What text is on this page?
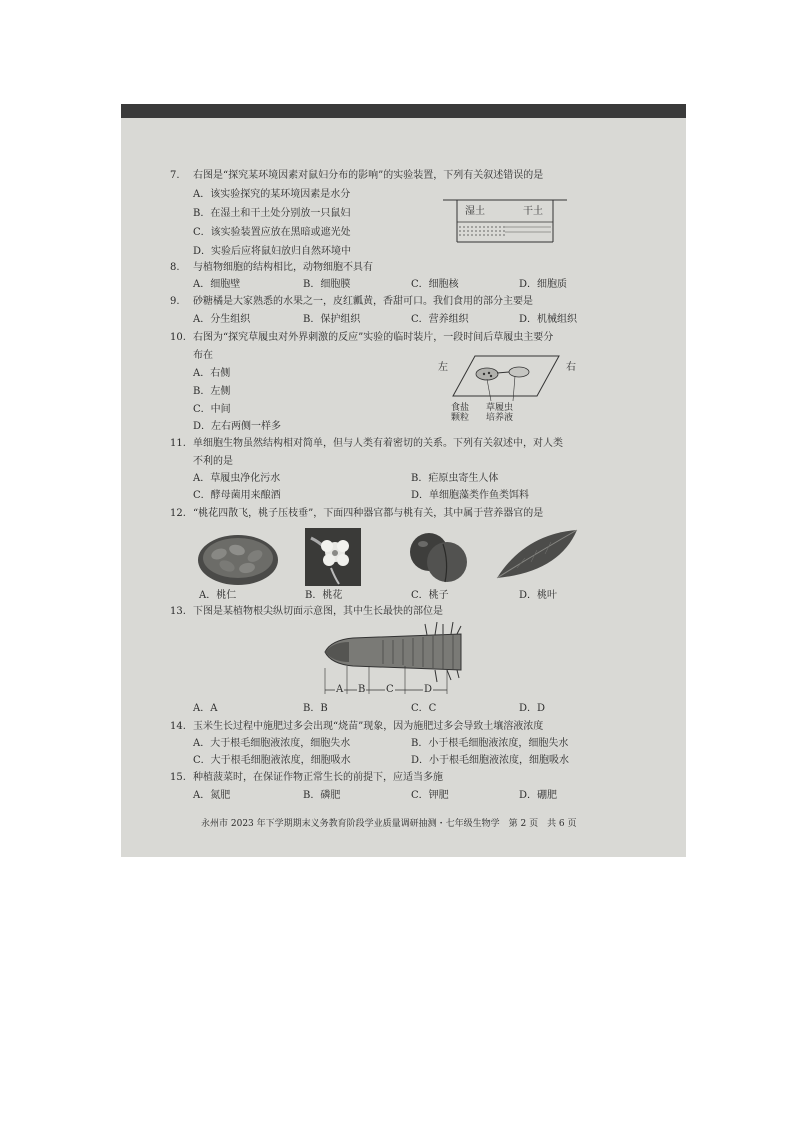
7. 右图是“探究某环境因素对鼠妇分布的影响”的实验装置，下列有关叙述错误的是
A．该实验探究的某环境因素是水分
B．在湿土和干土处分别放一只鼠妇
C．该实验装置应放在黑暗或遮光处
D．实验后应将鼠妇放归自然环境中
湿土	干土
8. 与植物细胞的结构相比，动物细胞不具有
A．细胞壁	B．细胞膜	C．细胞核	D．细胞质
9. 砂糖橘是大家熟悉的水果之一，皮红瓤黄，香甜可口。我们食用的部分主要是
A．分生组织	B．保护组织	C．营养组织	D．机械组织
10. 右图为“探究草履虫对外界刺激的反应”实验的临时装片，一段时间后草履虫主要分
布在
A．右侧
B．左侧
C．中间
D．左右两侧一样多
左	右
食盐
颗粒
草履虫
培养液
11. 单细胞生物虽然结构相对简单，但与人类有着密切的关系。下列有关叙述中，对人类
不利的是
A．草履虫净化污水	B．疟原虫寄生人体
C．酵母菌用来酿酒	D．单细胞藻类作鱼类饵料
12. “桃花四散飞，桃子压枝垂”，下面四种器官都与桃有关，其中属于营养器官的是
A．桃仁	B．桃花	C．桃子	D．桃叶
13. 下图是某植物根尖纵切面示意图，其中生长最快的部位是
A B C	D
A．A	B．B	C．C	D．D
14. 玉米生长过程中施肥过多会出现“烧苗”现象，因为施肥过多会导致土壤溶液浓度
A．大于根毛细胞液浓度，细胞失水	B．小于根毛细胞液浓度，细胞失水
C．大于根毛细胞液浓度，细胞吸水	D．小于根毛细胞液浓度，细胞吸水
15. 种植菠菜时，在保证作物正常生长的前提下，应适当多施
A．氮肥	B．磷肥	C．钾肥	D．硼肥
永州市 2023 年下学期期末义务教育阶段学业质量调研抽测・七年级生物学　第 2 页　共 6 页
